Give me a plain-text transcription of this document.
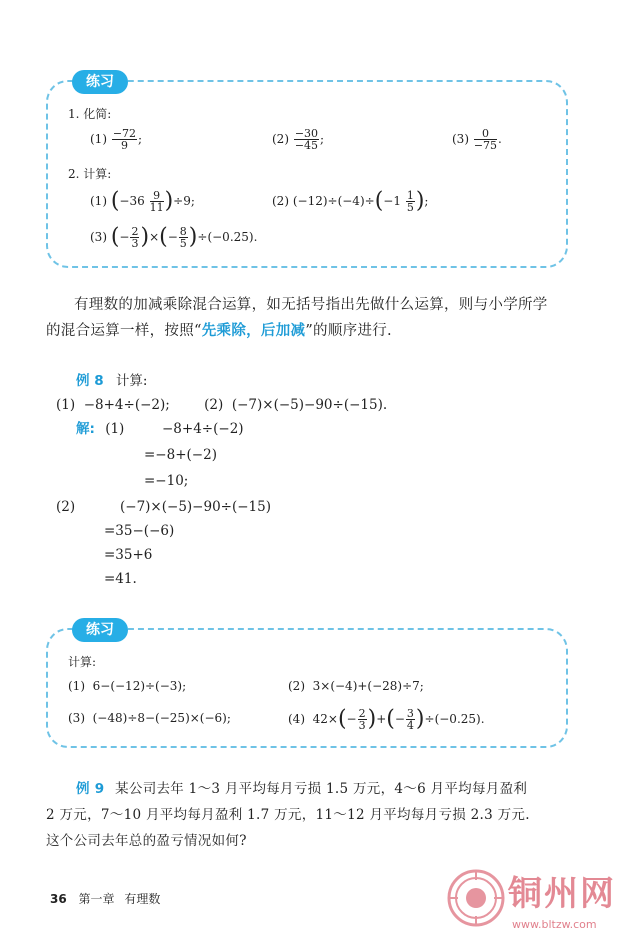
练习
1. 化简:
$(1) \frac{-72}{9}$ ;	$(2) \frac{-30}{-45}$ ;	$(3) \frac{0}{-75}$ .
2. 计算:
(1) $(-36 \frac{9}{11} )\div 9$;	(2) $(-12)\div(-4)\div(-1 \frac{1}{5}$ );
(3) (− $\frac{2}{3}$ )×(− $\frac{8}{5} )\div(-0.25)$.
有理数的加减乘除混合运算，如无括号指出先做什么运算，则与小学所学
的混合运算一样，按照“先乘除，后加减”的顺序进行.
例 8 计算:
(1)  −8+4÷(−2);        (2)  (−7)×(−5)−90÷(−15).
解: (1)	−8+4÷(−2)
=−8+(−2)
=−10;
(2)	(−7)×(−5)−90÷(−15)
=35−(−6)
=35+6
=41.
练习
计算:
(1)  6−(−12)÷(−3);	(2)  3×(−4)+(−28)÷7;
(3)  (−48)÷8−(−25)×(−6);	(4)  $42\times(- \frac{2}{3}$ )+(− $\frac{3}{4} )\div(-0.25)$.
例 9 某公司去年 1～3 月平均每月亏损 1.5 万元，4～6 月平均每月盈利
2 万元，7～10 月平均每月盈利 1.7 万元，11～12 月平均每月亏损 2.3 万元.
这个公司去年总的盈亏情况如何?
36 第一章 有理数	铜州网
www.bltzw.com
